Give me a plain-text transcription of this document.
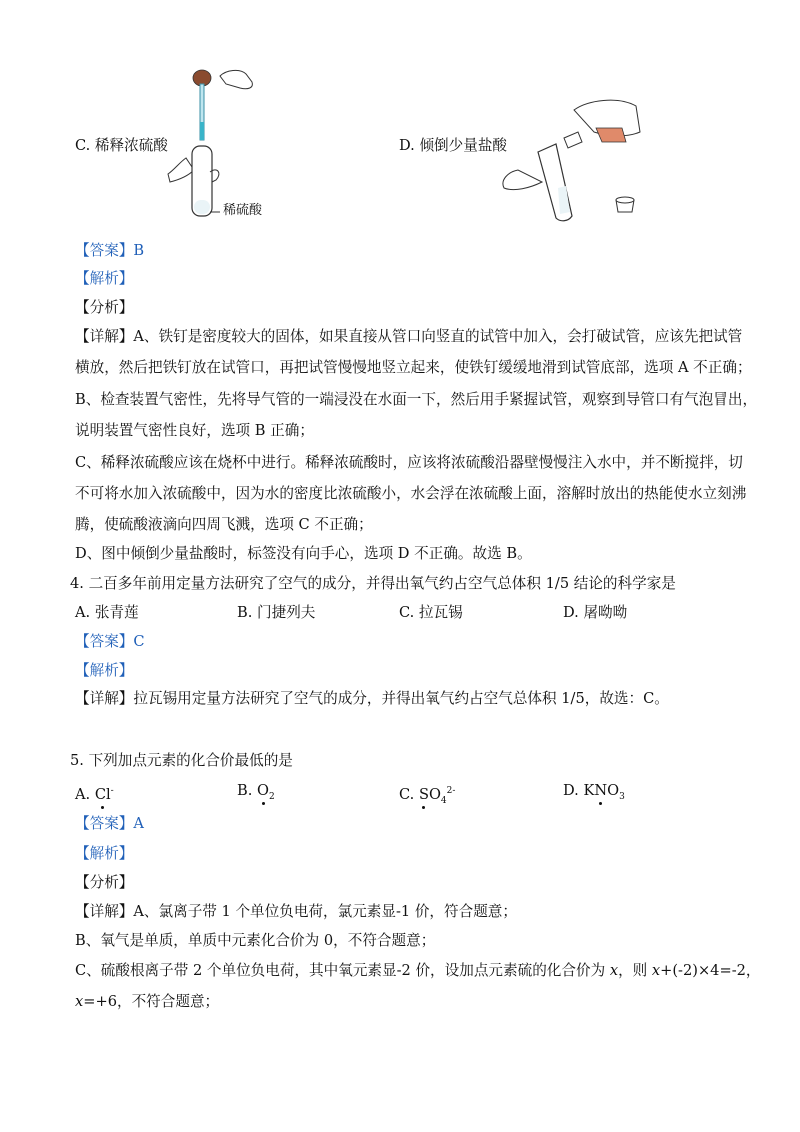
稀硫酸
C. 稀释浓硫酸	D. 倾倒少量盐酸
【答案】B
【解析】
【分析】
【详解】A、铁钉是密度较大的固体，如果直接从管口向竖直的试管中加入，会打破试管，应该先把试管
横放，然后把铁钉放在试管口，再把试管慢慢地竖立起来，使铁钉缓缓地滑到试管底部，选项 A 不正确；
B、检查装置气密性，先将导气管的一端浸没在水面一下，然后用手紧握试管，观察到导管口有气泡冒出，
说明装置气密性良好，选项 B 正确；
C、稀释浓硫酸应该在烧杯中进行。稀释浓硫酸时，应该将浓硫酸沿器壁慢慢注入水中，并不断搅拌，切
不可将水加入浓硫酸中，因为水的密度比浓硫酸小，水会浮在浓硫酸上面，溶解时放出的热能使水立刻沸
腾，使硫酸液滴向四周飞溅，选项 C 不正确；
D、图中倾倒少量盐酸时，标签没有向手心，选项 D 不正确。故选 B。
4. 二百多年前用定量方法研究了空气的成分，并得出氧气约占空气总体积 1/5 结论的科学家是
A. 张青莲	B. 门捷列夫	C. 拉瓦锡	D. 屠呦呦
【答案】C
【解析】
【详解】拉瓦锡用定量方法研究了空气的成分，并得出氧气约占空气总体积 1/5，故选：C。
5. 下列加点元素的化合价最低的是
A. Cl-	B. $O_2$	C. $SO_4^{2-}$	D. $KNO_3$
【答案】A
【解析】
【分析】
【详解】A、氯离子带 1 个单位负电荷，氯元素显-1 价，符合题意；
B、氧气是单质，单质中元素化合价为 0，不符合题意；
C、硫酸根离子带 2 个单位负电荷，其中氧元素显-2 价，设加点元素硫的化合价为 x，则 x+(-2)×4=-2，
x=+6，不符合题意；
